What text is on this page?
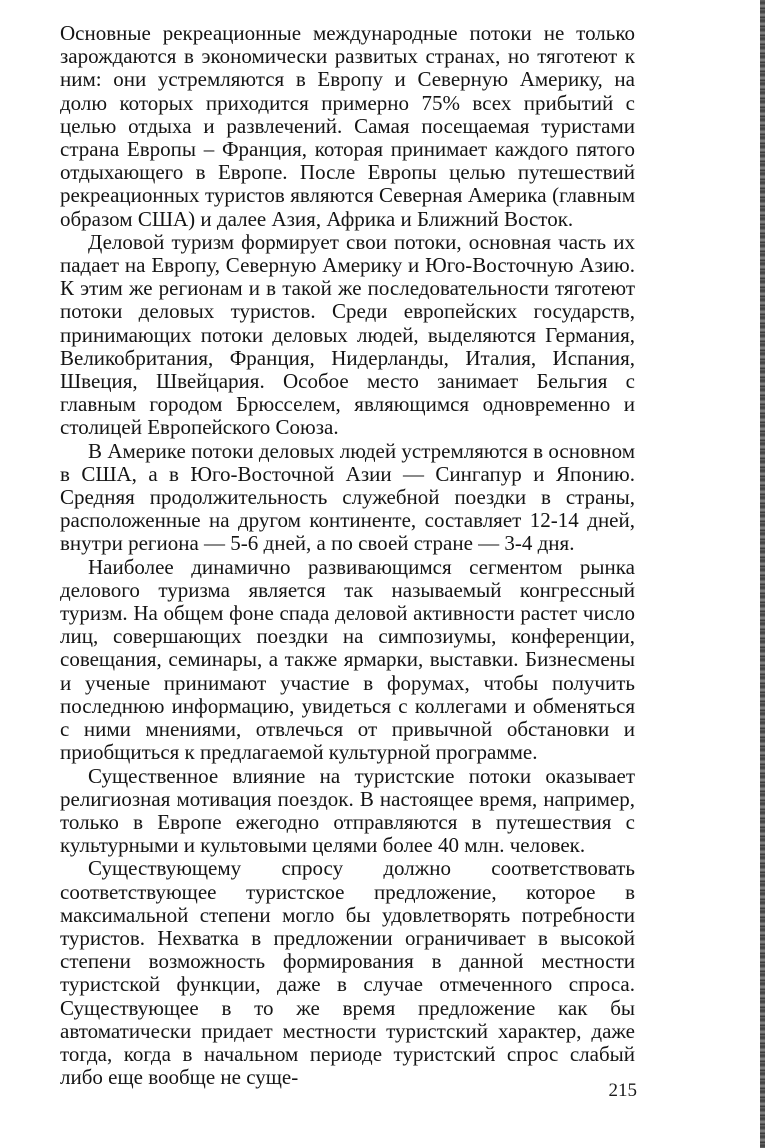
Основные рекреационные международные потоки не только зарождаются в экономически развитых странах, но тяготеют к ним: они устремляются в Европу и Северную Америку, на долю которых приходится примерно 75% всех прибытий с целью отдыха и развлечений. Самая посещаемая туристами страна Европы – Франция, которая принимает каждого пятого отдыхающего в Европе. После Европы целью путешествий рекреационных туристов являются Северная Америка (главным образом США) и далее Азия, Африка и Ближний Восток.

Деловой туризм формирует свои потоки, основная часть их падает на Европу, Северную Америку и Юго-Восточную Азию. К этим же регионам и в такой же последовательности тяготеют потоки деловых туристов. Среди европейских государств, принимающих потоки деловых людей, выделяются Германия, Великобритания, Франция, Нидерланды, Италия, Испания, Швеция, Швейцария. Особое место занимает Бельгия с главным городом Брюсселем, являющимся одновременно и столицей Европейского Союза.

В Америке потоки деловых людей устремляются в основном в США, а в Юго-Восточной Азии — Сингапур и Японию. Средняя продолжительность служебной поездки в страны, расположенные на другом континенте, составляет 12-14 дней, внутри региона — 5-6 дней, а по своей стране — 3-4 дня.

Наиболее динамично развивающимся сегментом рынка делового туризма является так называемый конгрессный туризм. На общем фоне спада деловой активности растет число лиц, совершающих поездки на симпозиумы, конференции, совещания, семинары, а также ярмарки, выставки. Бизнесмены и ученые принимают участие в форумах, чтобы получить последнюю информацию, увидеться с коллегами и обменяться с ними мнениями, отвлечься от привычной обстановки и приобщиться к предлагаемой культурной программе.

Существенное влияние на туристские потоки оказывает религиозная мотивация поездок. В настоящее время, например, только в Европе ежегодно отправляются в путешествия с культурными и культовыми целями более 40 млн. человек.

Существующему спросу должно соответствовать соответствующее туристское предложение, которое в максимальной степени могло бы удовлетворять потребности туристов. Нехватка в предложении ограничивает в высокой степени возможность формирования в данной местности туристской функции, даже в случае отмеченного спроса. Существующее в то же время предложение как бы автоматически придает местности туристский характер, даже тогда, когда в начальном периоде туристский спрос слабый либо еще вообще не суще-

215
